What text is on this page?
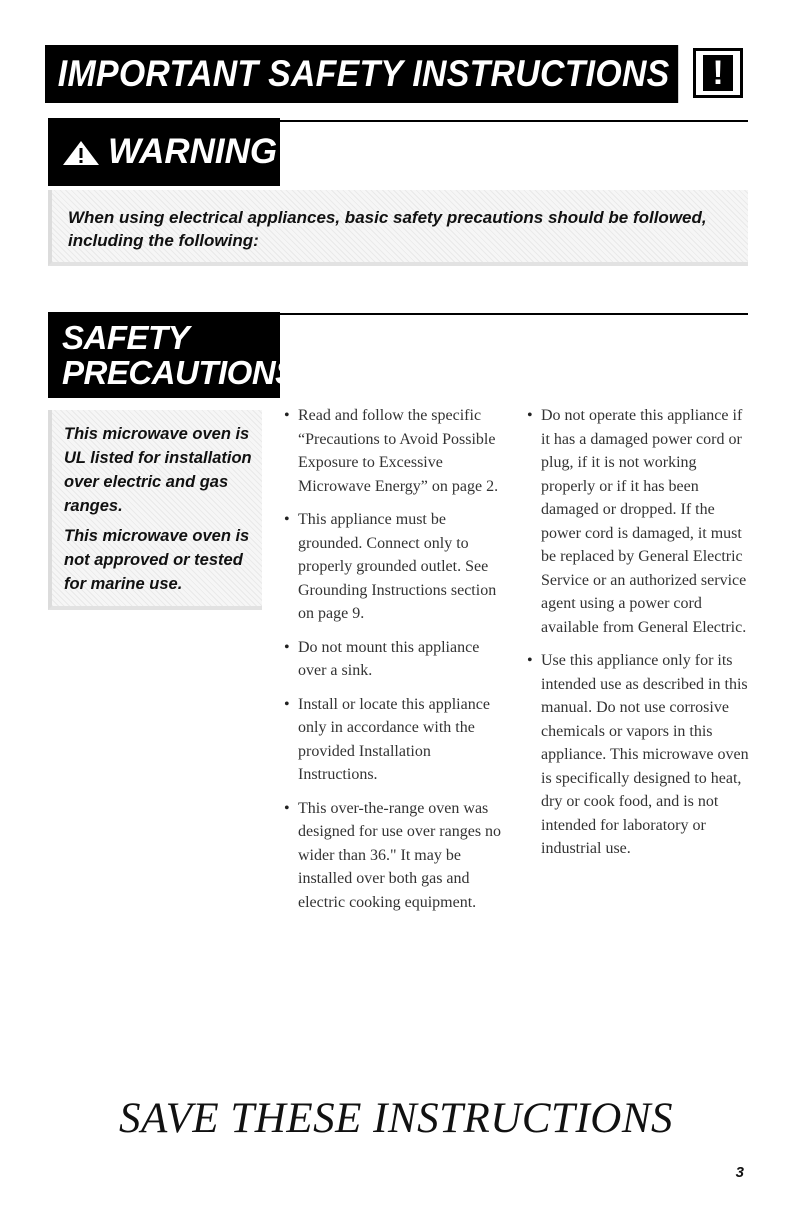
IMPORTANT SAFETY INSTRUCTIONS !
WARNING
When using electrical appliances, basic safety precautions should be followed, including the following:
SAFETY
PRECAUTIONS

This microwave oven is UL listed for installation over electric and gas ranges.

This microwave oven is not approved or tested for marine use.

• Read and follow the specific “Precautions to Avoid Possible Exposure to Excessive Microwave Energy” on page 2.
• This appliance must be grounded. Connect only to properly grounded outlet. See Grounding Instructions section on page 9.
• Do not mount this appliance over a sink.
• Install or locate this appliance only in accordance with the provided Installation Instructions.
• This over-the-range oven was designed for use over ranges no wider than 36." It may be installed over both gas and electric cooking equipment.
• Do not operate this appliance if it has a damaged power cord or plug, if it is not working properly or if it has been damaged or dropped. If the power cord is damaged, it must be replaced by General Electric Service or an authorized service agent using a power cord available from General Electric.
• Use this appliance only for its intended use as described in this manual. Do not use corrosive chemicals or vapors in this appliance. This microwave oven is specifically designed to heat, dry or cook food, and is not intended for laboratory or industrial use.
SAVE THESE INSTRUCTIONS
3
